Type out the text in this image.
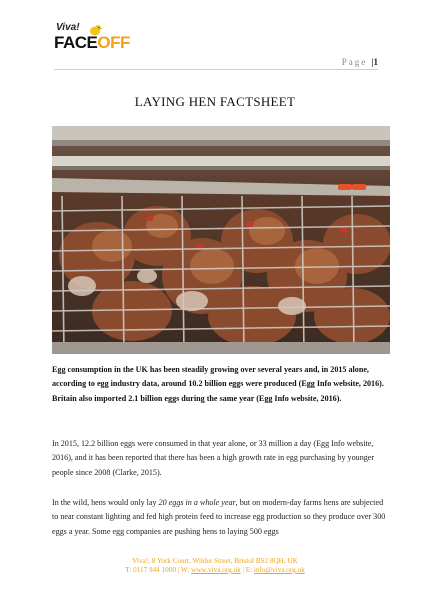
Viva!
FACEOFF
Page |1
LAYING HEN FACTSHEET

Egg consumption in the UK has been steadily growing over several years and, in 2015 alone, according to egg industry data, around 10.2 billion eggs were produced (Egg Info website, 2016). Britain also imported 2.1 billion eggs during the same year (Egg Info website, 2016).

In 2015, 12.2 billion eggs were consumed in that year alone, or 33 million a day (Egg Info website, 2016), and it has been reported that there has been a high growth rate in egg purchasing by younger people since 2008 (Clarke, 2015).

In the wild, hens would only lay 20 eggs in a whole year, but on modern-day farms hens are subjected to near constant lighting and fed high protein feed to increase egg production so they produce over 300 eggs a year. Some egg companies are pushing hens to laying 500 eggs

Viva!, 8 York Court, Wilder Street, Bristol BS2 8QH, UK
T: 0117 944 1000 | W: www.viva.org.uk | E: info@viva.org.uk
